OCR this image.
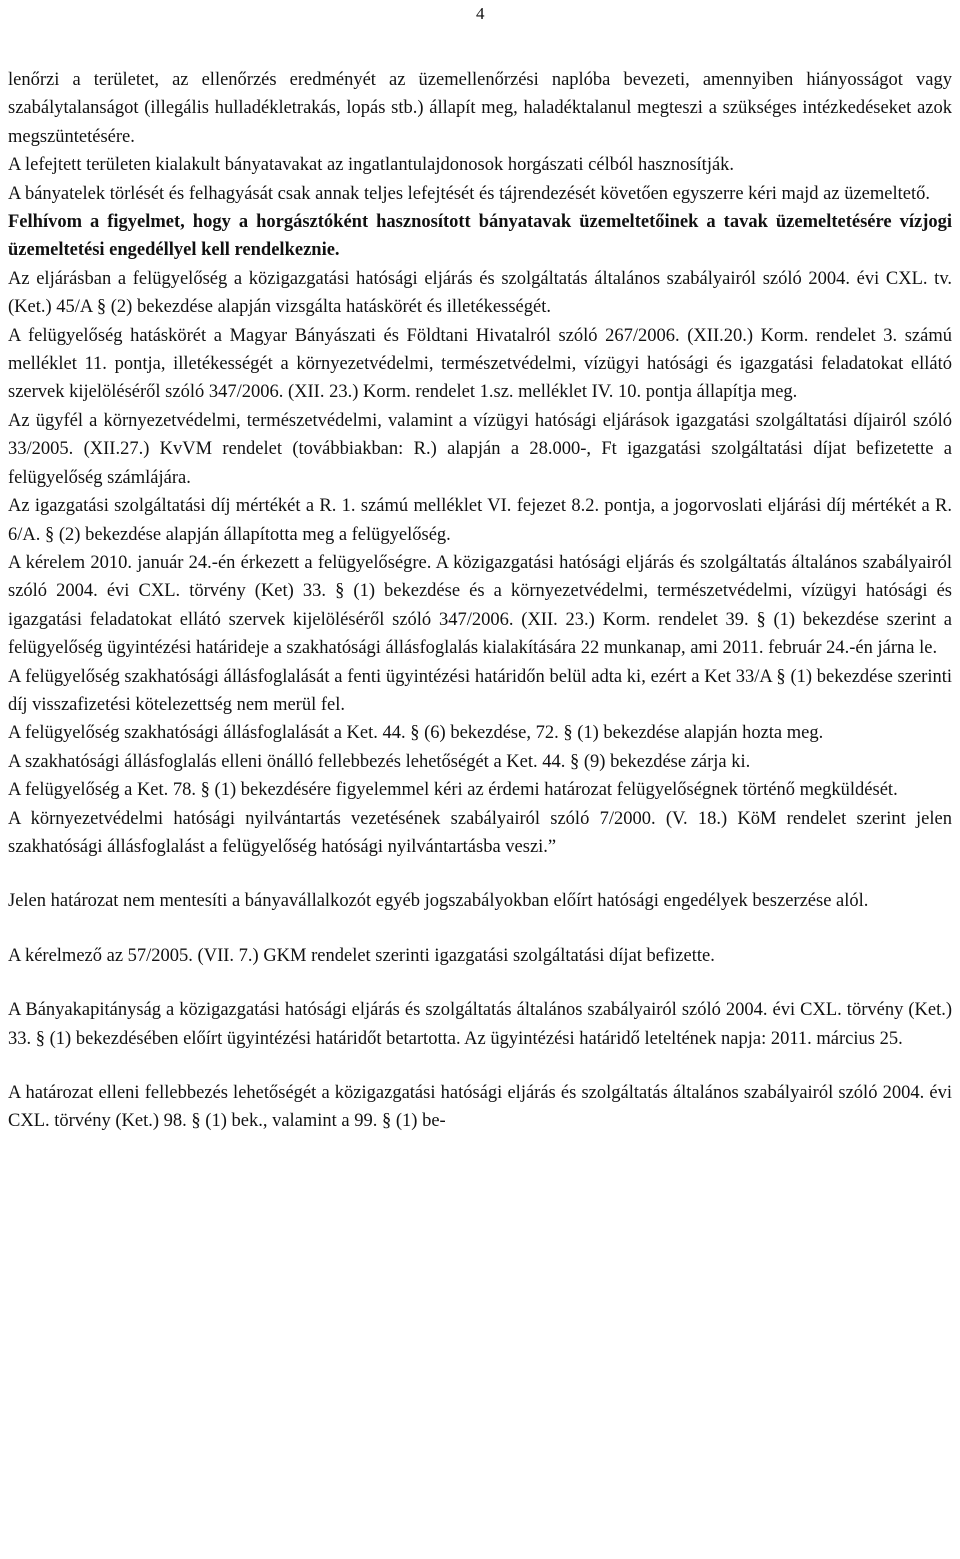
4

lenőrzi a területet, az ellenőrzés eredményét az üzemellenőrzési naplóba bevezeti, amennyiben hiányosságot vagy szabálytalanságot (illegális hulladékletrakás, lopás stb.) állapít meg, haladéktalanul megteszi a szükséges intézkedéseket azok megszüntetésére.

A lefejtett területen kialakult bányatavakat az ingatlantulajdonosok horgászati célból hasznosítják.

A bányatelek törlését és felhagyását csak annak teljes lefejtését és tájrendezését követően egyszerre kéri majd az üzemeltető.

Felhívom a figyelmet, hogy a horgásztóként hasznosított bányatavak üzemeltetőinek a tavak üzemeltetésére vízjogi üzemeltetési engedéllyel kell rendelkeznie.

Az eljárásban a felügyelőség a közigazgatási hatósági eljárás és szolgáltatás általános szabályairól szóló 2004. évi CXL. tv. (Ket.) 45/A § (2) bekezdése alapján vizsgálta hatáskörét és illetékességét.

A felügyelőség hatáskörét a Magyar Bányászati és Földtani Hivatalról szóló 267/2006. (XII.20.) Korm. rendelet 3. számú melléklet 11. pontja, illetékességét a környezetvédelmi, természetvédelmi, vízügyi hatósági és igazgatási feladatokat ellátó szervek kijelöléséről szóló 347/2006. (XII. 23.) Korm. rendelet 1.sz. melléklet IV. 10. pontja állapítja meg.

Az ügyfél a környezetvédelmi, természetvédelmi, valamint a vízügyi hatósági eljárások igazgatási szolgáltatási díjairól szóló 33/2005. (XII.27.) KvVM rendelet (továbbiakban: R.) alapján a 28.000-, Ft igazgatási szolgáltatási díjat befizetette a felügyelőség számlájára.

Az igazgatási szolgáltatási díj mértékét a R. 1. számú melléklet VI. fejezet 8.2. pontja, a jogorvoslati eljárási díj mértékét a R. 6/A. § (2) bekezdése alapján állapította meg a felügyelőség.

A kérelem 2010. január 24.-én érkezett a felügyelőségre. A közigazgatási hatósági eljárás és szolgáltatás általános szabályairól szóló 2004. évi CXL. törvény (Ket) 33. § (1) bekezdése és a környezetvédelmi, természetvédelmi, vízügyi hatósági és igazgatási feladatokat ellátó szervek kijelöléséről szóló 347/2006. (XII. 23.) Korm. rendelet 39. § (1) bekezdése szerint a felügyelőség ügyintézési határideje a szakhatósági állásfoglalás kialakítására 22 munkanap, ami 2011. február 24.-én járna le.

A felügyelőség szakhatósági állásfoglalását a fenti ügyintézési határidőn belül adta ki, ezért a Ket 33/A § (1) bekezdése szerinti díj visszafizetési kötelezettség nem merül fel.

A felügyelőség szakhatósági állásfoglalását a Ket. 44. § (6) bekezdése, 72. § (1) bekezdése alapján hozta meg.

A szakhatósági állásfoglalás elleni önálló fellebbezés lehetőségét a Ket. 44. § (9) bekezdése zárja ki.

A felügyelőség a Ket. 78. § (1) bekezdésére figyelemmel kéri az érdemi határozat felügyelőségnek történő megküldését.

A környezetvédelmi hatósági nyilvántartás vezetésének szabályairól szóló 7/2000. (V. 18.) KöM rendelet szerint jelen szakhatósági állásfoglalást a felügyelőség hatósági nyilvántartásba veszi.”

Jelen határozat nem mentesíti a bányavállalkozót egyéb jogszabályokban előírt hatósági engedélyek beszerzése alól.

A kérelmező az 57/2005. (VII. 7.) GKM rendelet szerinti igazgatási szolgáltatási díjat befizette.

A Bányakapitányság a közigazgatási hatósági eljárás és szolgáltatás általános szabályairól szóló 2004. évi CXL. törvény (Ket.) 33. § (1) bekezdésében előírt ügyintézési határidőt betartotta. Az ügyintézési határidő leteltének napja: 2011. március 25.

A határozat elleni fellebbezés lehetőségét a közigazgatási hatósági eljárás és szolgáltatás általános szabályairól szóló 2004. évi CXL. törvény (Ket.) 98. § (1) bek., valamint a 99. § (1) be-
